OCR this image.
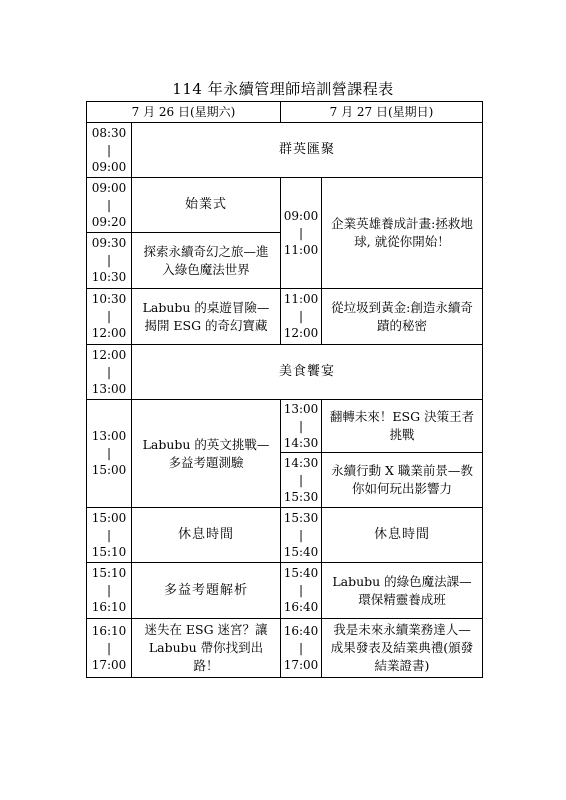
114 年永續管理師培訓營課程表
7 月 26 日(星期六)		7 月 27 日(星期日)	

08:30
|
09:00	群英匯聚		

09:00
|
09:20	始業式	09:00
|
11:00	企業英雄養成計畫:拯救地球, 就從你開始！

09:30
|
10:30	探索永續奇幻之旅—進入綠色魔法世界		

10:30
|
12:00	Labubu 的桌遊冒險—揭開 ESG 的奇幻寶藏	11:00
|
12:00	從垃圾到黃金:創造永續奇蹟的秘密

12:00
|
13:00	美食饗宴		

13:00
|
15:00	Labubu 的英文挑戰—多益考題測驗	13:00
|
14:30	翻轉未來！ESG 決策王者挑戰

		14:30
|
15:30	永續行動 X 職業前景—教你如何玩出影響力

15:00
|
15:10	休息時間	15:30
|
15:40	休息時間

15:10
|
16:10	多益考題解析	15:40
|
16:40	Labubu 的綠色魔法課—環保精靈養成班

16:10
|
17:00	迷失在 ESG 迷宮？讓 Labubu 帶你找到出路！	16:40
|
17:00	我是未來永續業務達人—成果發表及結業典禮(頒發結業證書)
